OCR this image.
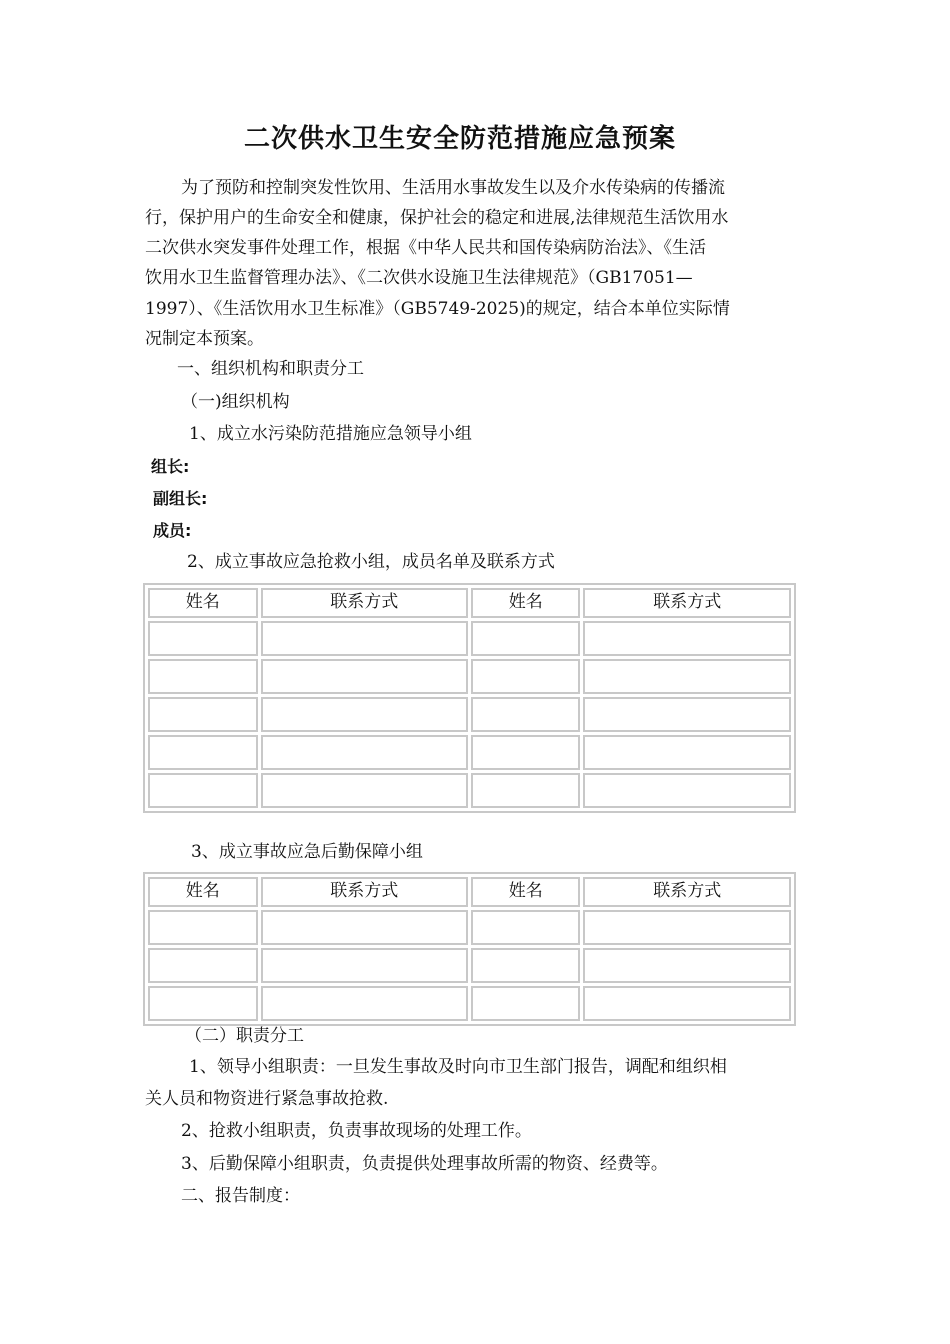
二次供水卫生安全防范措施应急预案
为了预防和控制突发性饮用、生活用水事故发生以及介水传染病的传播流
行，保护用户的生命安全和健康，保护社会的稳定和进展,法律规范生活饮用水
二次供水突发事件处理工作，根据《中华人民共和国传染病防治法》、《生活
饮用水卫生监督管理办法》、《二次供水设施卫生法律规范》（GB17051—
1997）、《生活饮用水卫生标准》（GB5749-2025)的规定，结合本单位实际情
况制定本预案。
一、组织机构和职责分工
（一)组织机构
1、成立水污染防范措施应急领导小组
组长:
副组长:
成员:
2、成立事故应急抢救小组，成员名单及联系方式
姓名	联系方式	姓名	联系方式

3、成立事故应急后勤保障小组
姓名	联系方式	姓名	联系方式

（二）职责分工
1、领导小组职责：一旦发生事故及时向市卫生部门报告，调配和组织相
关人员和物资进行紧急事故抢救.
2、抢救小组职责，负责事故现场的处理工作。
3、后勤保障小组职责，负责提供处理事故所需的物资、经费等。
二、报告制度：
